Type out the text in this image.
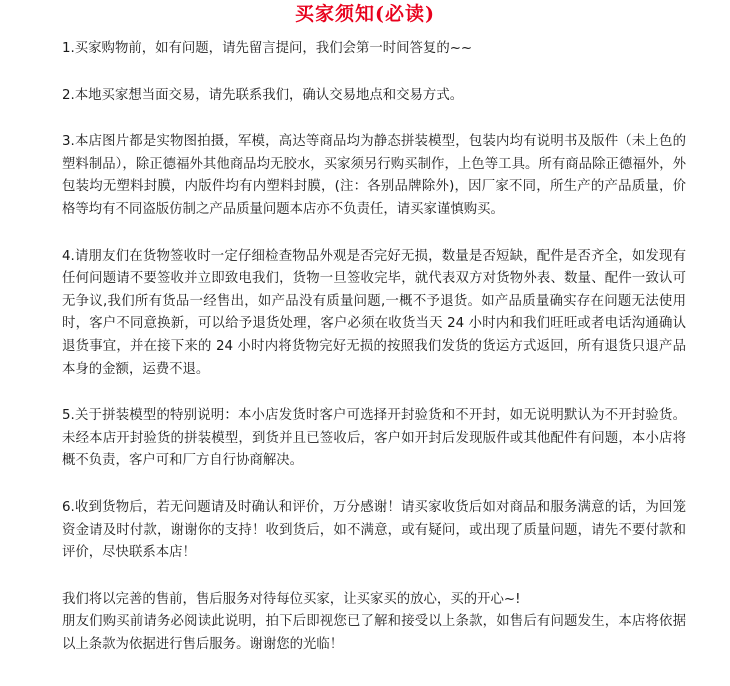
买家须知(必读)

1.买家购物前，如有问题，请先留言提问，我们会第一时间答复的~~

2.本地买家想当面交易，请先联系我们，确认交易地点和交易方式。

3.本店图片都是实物图拍摄，军模，高达等商品均为静态拼装模型，包装内均有说明书及版件（未上色的塑料制品），除正德福外其他商品均无胶水，买家须另行购买制作，上色等工具。所有商品除正德福外，外包装均无塑料封膜，内版件均有内塑料封膜，(注：各别品牌除外)，因厂家不同，所生产的产品质量，价格等均有不同盗版仿制之产品质量问题本店亦不负责任，请买家谨慎购买。

4.请朋友们在货物签收时一定仔细检查物品外观是否完好无损，数量是否短缺，配件是否齐全，如发现有任何问题请不要签收并立即致电我们，货物一旦签收完毕，就代表双方对货物外表、数量、配件一致认可无争议,我们所有货品一经售出，如产品没有质量问题,一概不予退货。如产品质量确实存在问题无法使用时，客户不同意换新，可以给予退货处理，客户必须在收货当天 24 小时内和我们旺旺或者电话沟通确认退货事宜，并在接下来的 24 小时内将货物完好无损的按照我们发货的货运方式返回，所有退货只退产品本身的金额，运费不退。

5.关于拼装模型的特别说明：本小店发货时客户可选择开封验货和不开封，如无说明默认为不开封验货。未经本店开封验货的拼装模型，到货并且已签收后，客户如开封后发现版件或其他配件有问题，本小店将概不负责，客户可和厂方自行协商解决。

6.收到货物后，若无问题请及时确认和评价，万分感谢！请买家收货后如对商品和服务满意的话，为回笼资金请及时付款，谢谢你的支持！收到货后，如不满意，或有疑问，或出现了质量问题，请先不要付款和评价，尽快联系本店！

我们将以完善的售前，售后服务对待每位买家，让买家买的放心，买的开心~!

朋友们购买前请务必阅读此说明，拍下后即视您已了解和接受以上条款，如售后有问题发生，本店将依据以上条款为依据进行售后服务。谢谢您的光临！
